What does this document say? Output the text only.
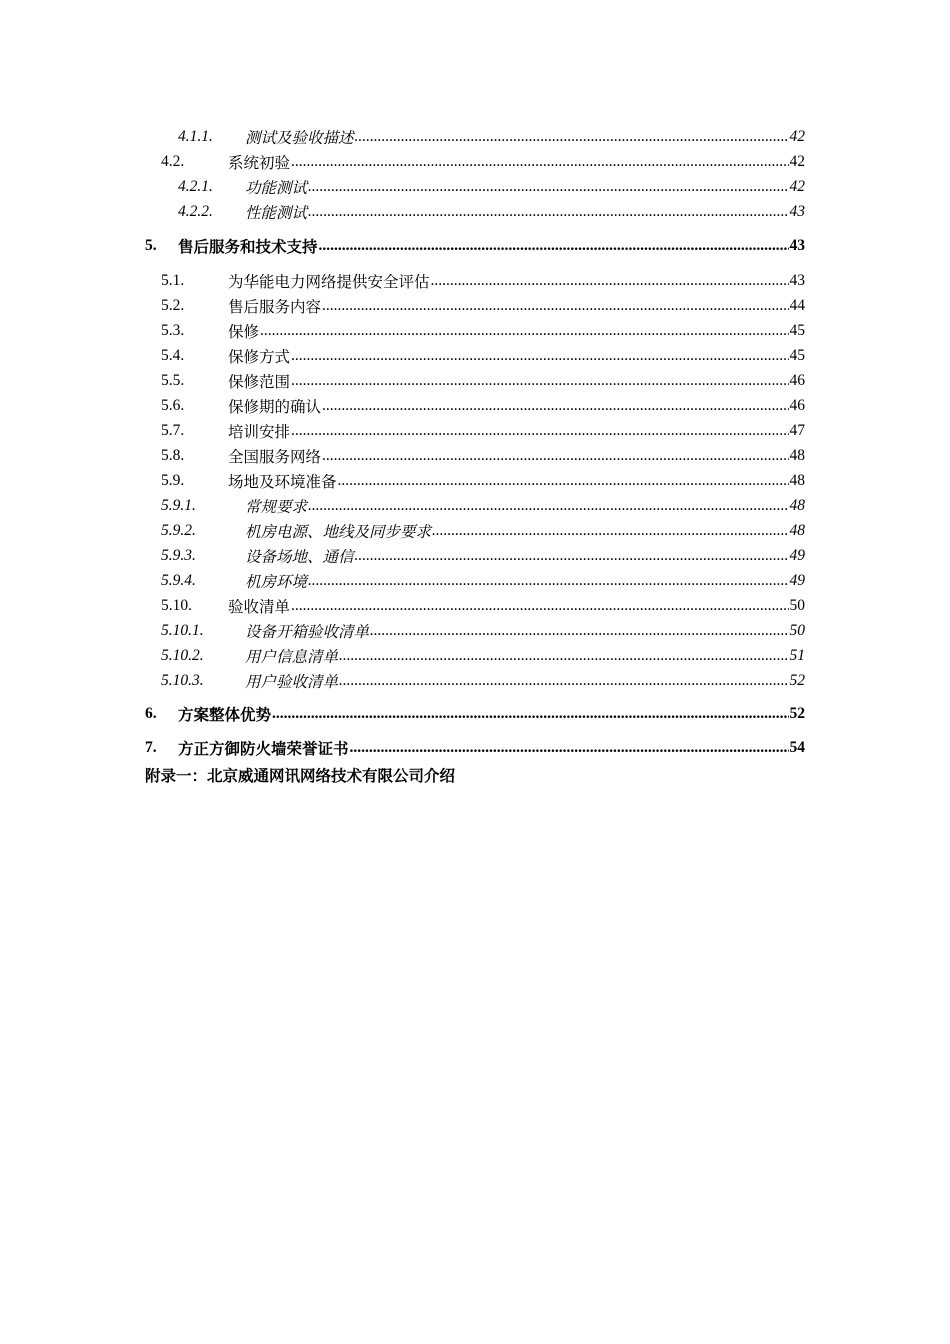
4.1.1.	测试及验收描述 .....	42
4.2.	系统初验 .....	42
4.2.1.	功能测试 .....	42
4.2.2.	性能测试 .....	43
5.	售后服务和技术支持 .....	43
5.1.	为华能电力网络提供安全评估 .....	43
5.2.	售后服务内容 .....	44
5.3.	保修 .....	45
5.4.	保修方式 .....	45
5.5.	保修范围 .....	46
5.6.	保修期的确认 .....	46
5.7.	培训安排 .....	47
5.8.	全国服务网络 .....	48
5.9.	场地及环境准备 .....	48
5.9.1.	常规要求 .....	48
5.9.2.	机房电源、地线及同步要求 .....	48
5.9.3.	设备场地、通信 .....	49
5.9.4.	机房环境 .....	49
5.10.	验收清单 .....	50
5.10.1.	设备开箱验收清单 .....	50
5.10.2.	用户信息清单 .....	51
5.10.3.	用户验收清单 .....	52
6.	方案整体优势 .....	52
7.	方正方御防火墙荣誉证书 .....	54
附录一：北京威通网讯网络技术有限公司介绍
